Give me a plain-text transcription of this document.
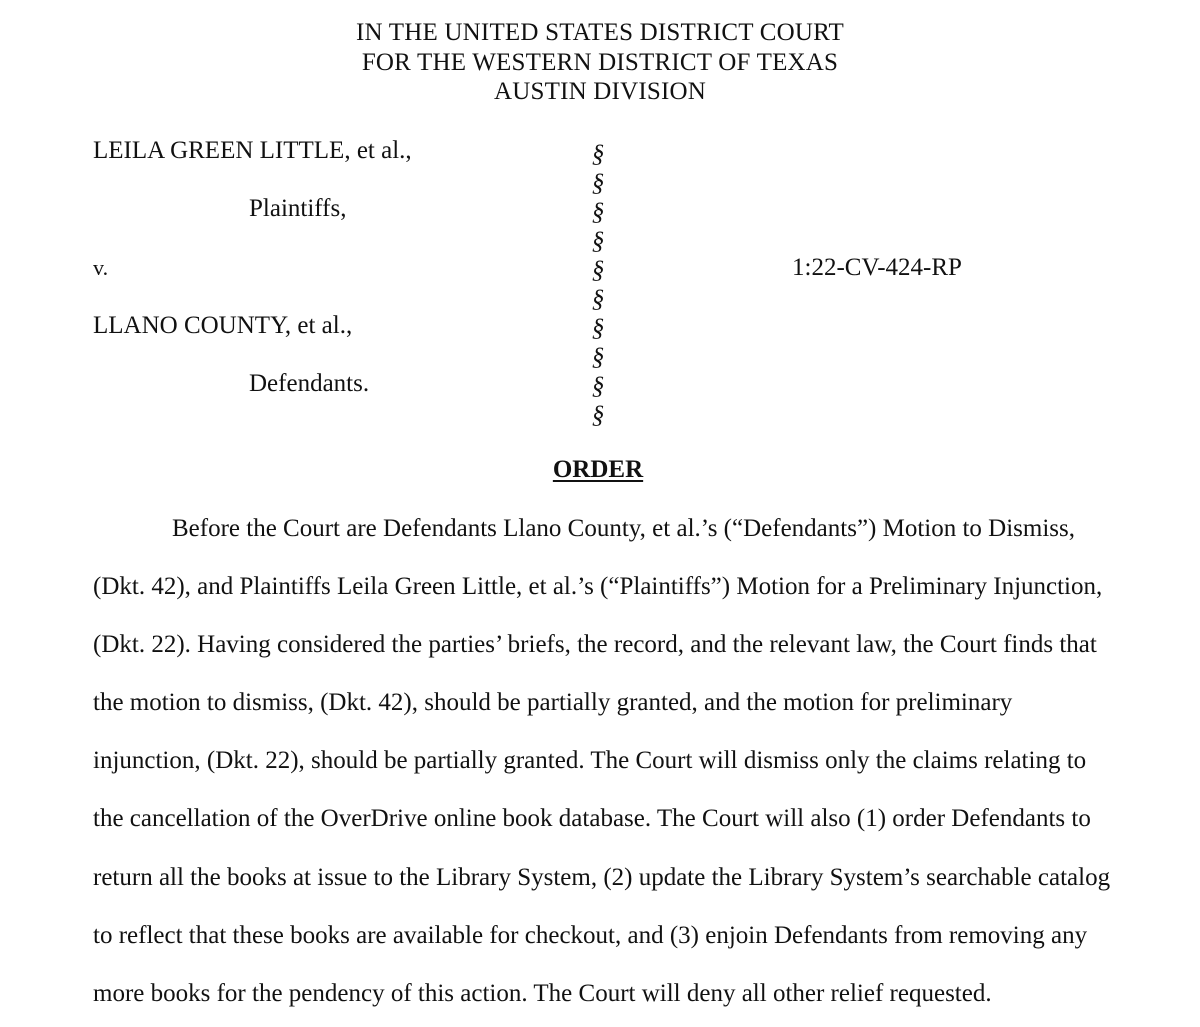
IN THE UNITED STATES DISTRICT COURT
FOR THE WESTERN DISTRICT OF TEXAS
AUSTIN DIVISION
LEILA GREEN LITTLE, et al.,
Plaintiffs,
v.
LLANO COUNTY, et al.,
Defendants.
1:22-CV-424-RP
§
§
§
§
§
§
§
§
§
§
ORDER
Before the Court are Defendants Llano County, et al.’s (“Defendants”) Motion to Dismiss,
(Dkt. 42), and Plaintiffs Leila Green Little, et al.’s (“Plaintiffs”) Motion for a Preliminary Injunction,
(Dkt. 22). Having considered the parties’ briefs, the record, and the relevant law, the Court finds that
the motion to dismiss, (Dkt. 42), should be partially granted, and the motion for preliminary
injunction, (Dkt. 22), should be partially granted. The Court will dismiss only the claims relating to
the cancellation of the OverDrive online book database. The Court will also (1) order Defendants to
return all the books at issue to the Library System, (2) update the Library System’s searchable catalog
to reflect that these books are available for checkout, and (3) enjoin Defendants from removing any
more books for the pendency of this action. The Court will deny all other relief requested.
